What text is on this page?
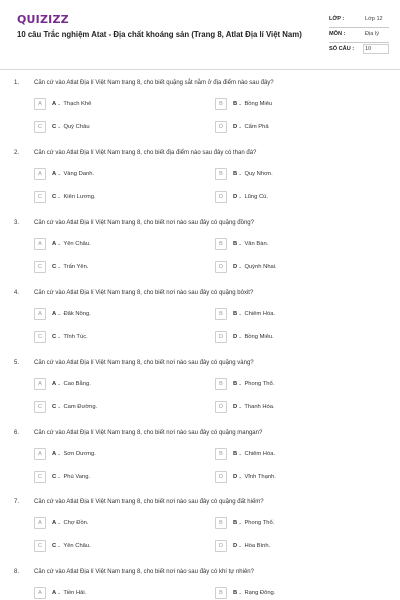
QUIZIZZ
10 câu Trắc nghiệm Atat - Địa chất khoáng sản (Trang 8, Atlat Địa lí Việt Nam)
LỚP :	Lớp 12
MÔN :	Địa lý
SỐ CÂU : 10
1. Căn cứ vào Atlat Địa lí Việt Nam trang 8, cho biết quặng sắt nằm ở địa điểm nào sau đây?
A	A . Thạch Khê	B	B . Bồng Miêu
C	C . Quỳ Châu	D	D . Cẩm Phả
2. Căn cứ vào Atlat Địa lí Việt Nam trang 8, cho biết địa điểm nào sau đây có than đá?
A	A . Vàng Danh.	B	B . Quy Nhơn.
C	C . Kiên Lương.	D	D . Lũng Cú.
3. Căn cứ vào Atlat Địa lí Việt Nam trang 8, cho biết nơi nào sau đây có quặng đồng?
A	A . Yên Châu.	B	B . Vân Bàn.
C	C . Trấn Yên.	D	D . Quỳnh Nhai.
4. Căn cứ vào Atlat Địa lí Việt Nam trang 8, cho biết nơi nào sau đây có quặng bôxit?
A	A . Đăk Nông.	B	B . Chiêm Hóa.
C	C . Tĩnh Túc.	D	D . Bồng Miêu.
5. Căn cứ vào Atlat Địa lí Việt Nam trang 8, cho biết nơi nào sau đây có quặng vàng?
A	A . Cao Bằng.	B	B . Phong Thổ.
C	C . Cam Đường.	D	D . Thanh Hóa.
6. Căn cứ vào Atlat Địa lí Việt Nam trang 8, cho biết nơi nào sau đây có quặng mangan?
A	A . Sơn Dương.	B	B . Chiêm Hóa.
C	C . Phú Vang.	D	D . Vĩnh Thạnh.
7. Căn cứ vào Atlat Địa lí Việt Nam trang 8, cho biết nơi nào sau đây có quặng đất hiếm?
A	A . Chợ Đồn.	B	B . Phong Thổ.
C	C . Yên Châu.	D	D . Hòa Bình.
8. Căn cứ vào Atlat Địa lí Việt Nam trang 8, cho biết nơi nào sau đây có khí tự nhiên?
A	A . Tiền Hải.	B	B . Rạng Đông.
